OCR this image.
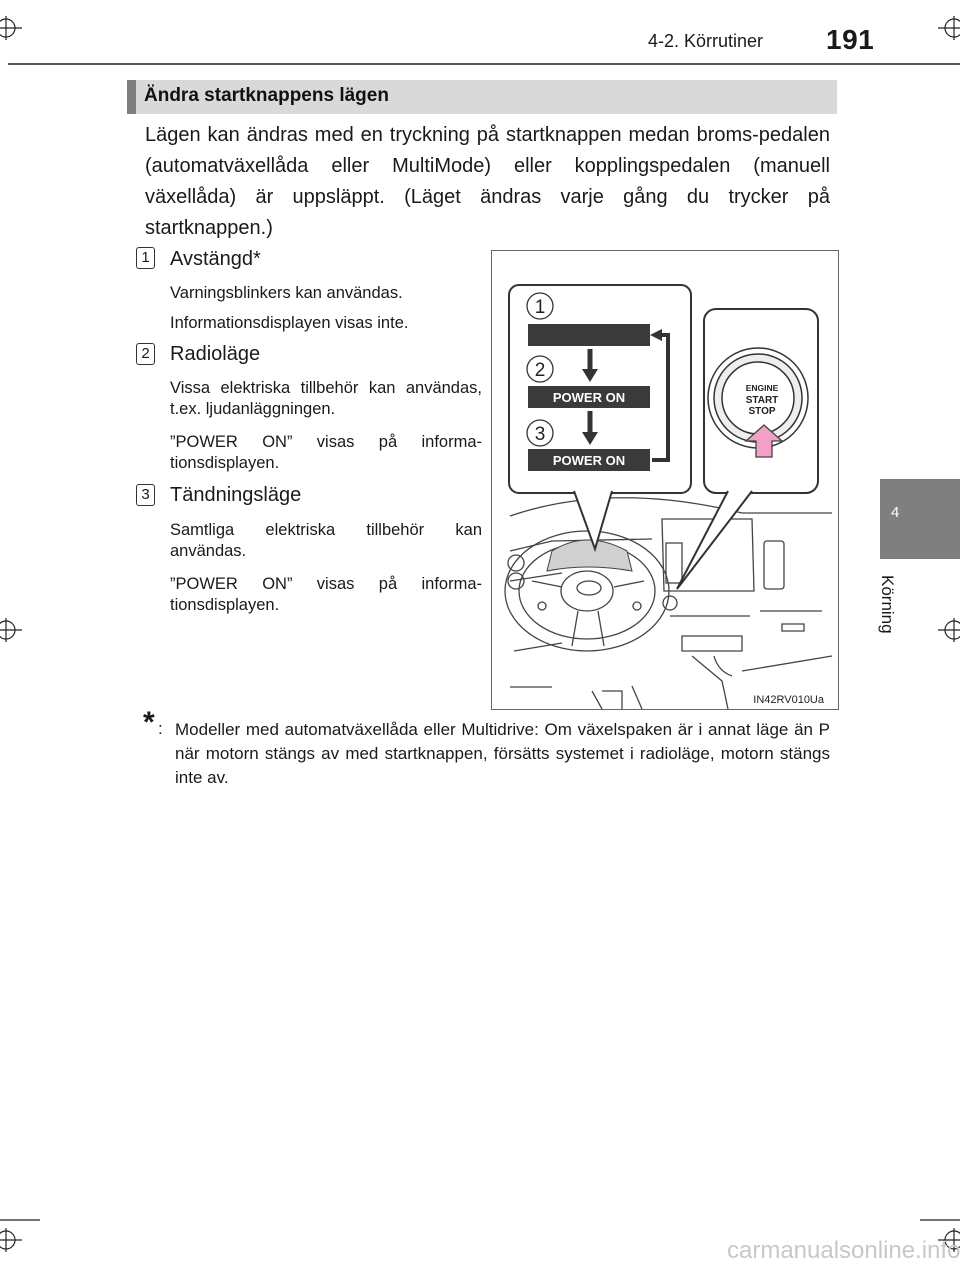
4-2. Körrutiner 191
4
Körning
Ändra startknappens lägen
Lägen kan ändras med en tryckning på startknappen medan broms-pedalen (automatväxellåda eller MultiMode) eller kopplingspedalen (manuell växellåda) är uppsläppt. (Läget ändras varje gång du trycker på startknappen.)
1 Avstängd*
Varningsblinkers kan användas.
Informationsdisplayen visas inte.
2 Radioläge
Vissa elektriska tillbehör kan användas, t.ex. ljudanläggningen.
”POWER ON” visas på informa-tionsdisplayen.
3 Tändningsläge
Samtliga elektriska tillbehör kan användas.
”POWER ON” visas på informa-tionsdisplayen.
POWER ON
POWER ON
1
2
3
ENGINE
START
STOP
IN42RV010Ua
* : Modeller med automatväxellåda eller Multidrive: Om växelspaken är i annat läge än P när motorn stängs av med startknappen, försätts systemet i radioläge, motorn stängs inte av.
carmanualsonline.info
